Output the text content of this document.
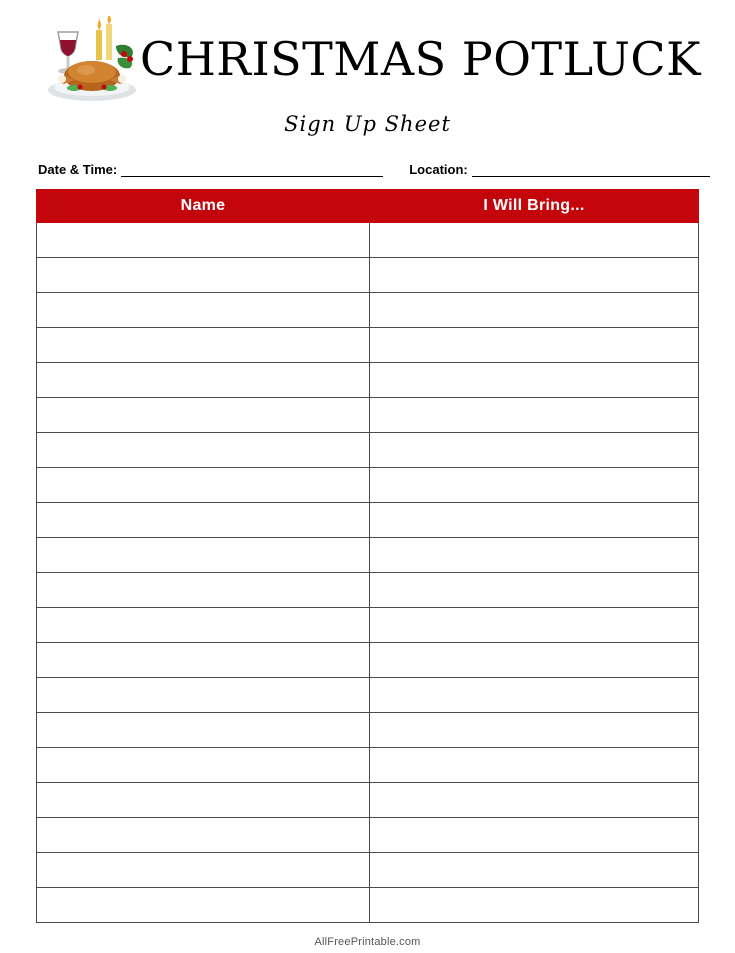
CHRISTMAS POTLUCK
Sign Up Sheet
Date & Time:	Location:
Name	I Will Bring...

AllFreePrintable.com
